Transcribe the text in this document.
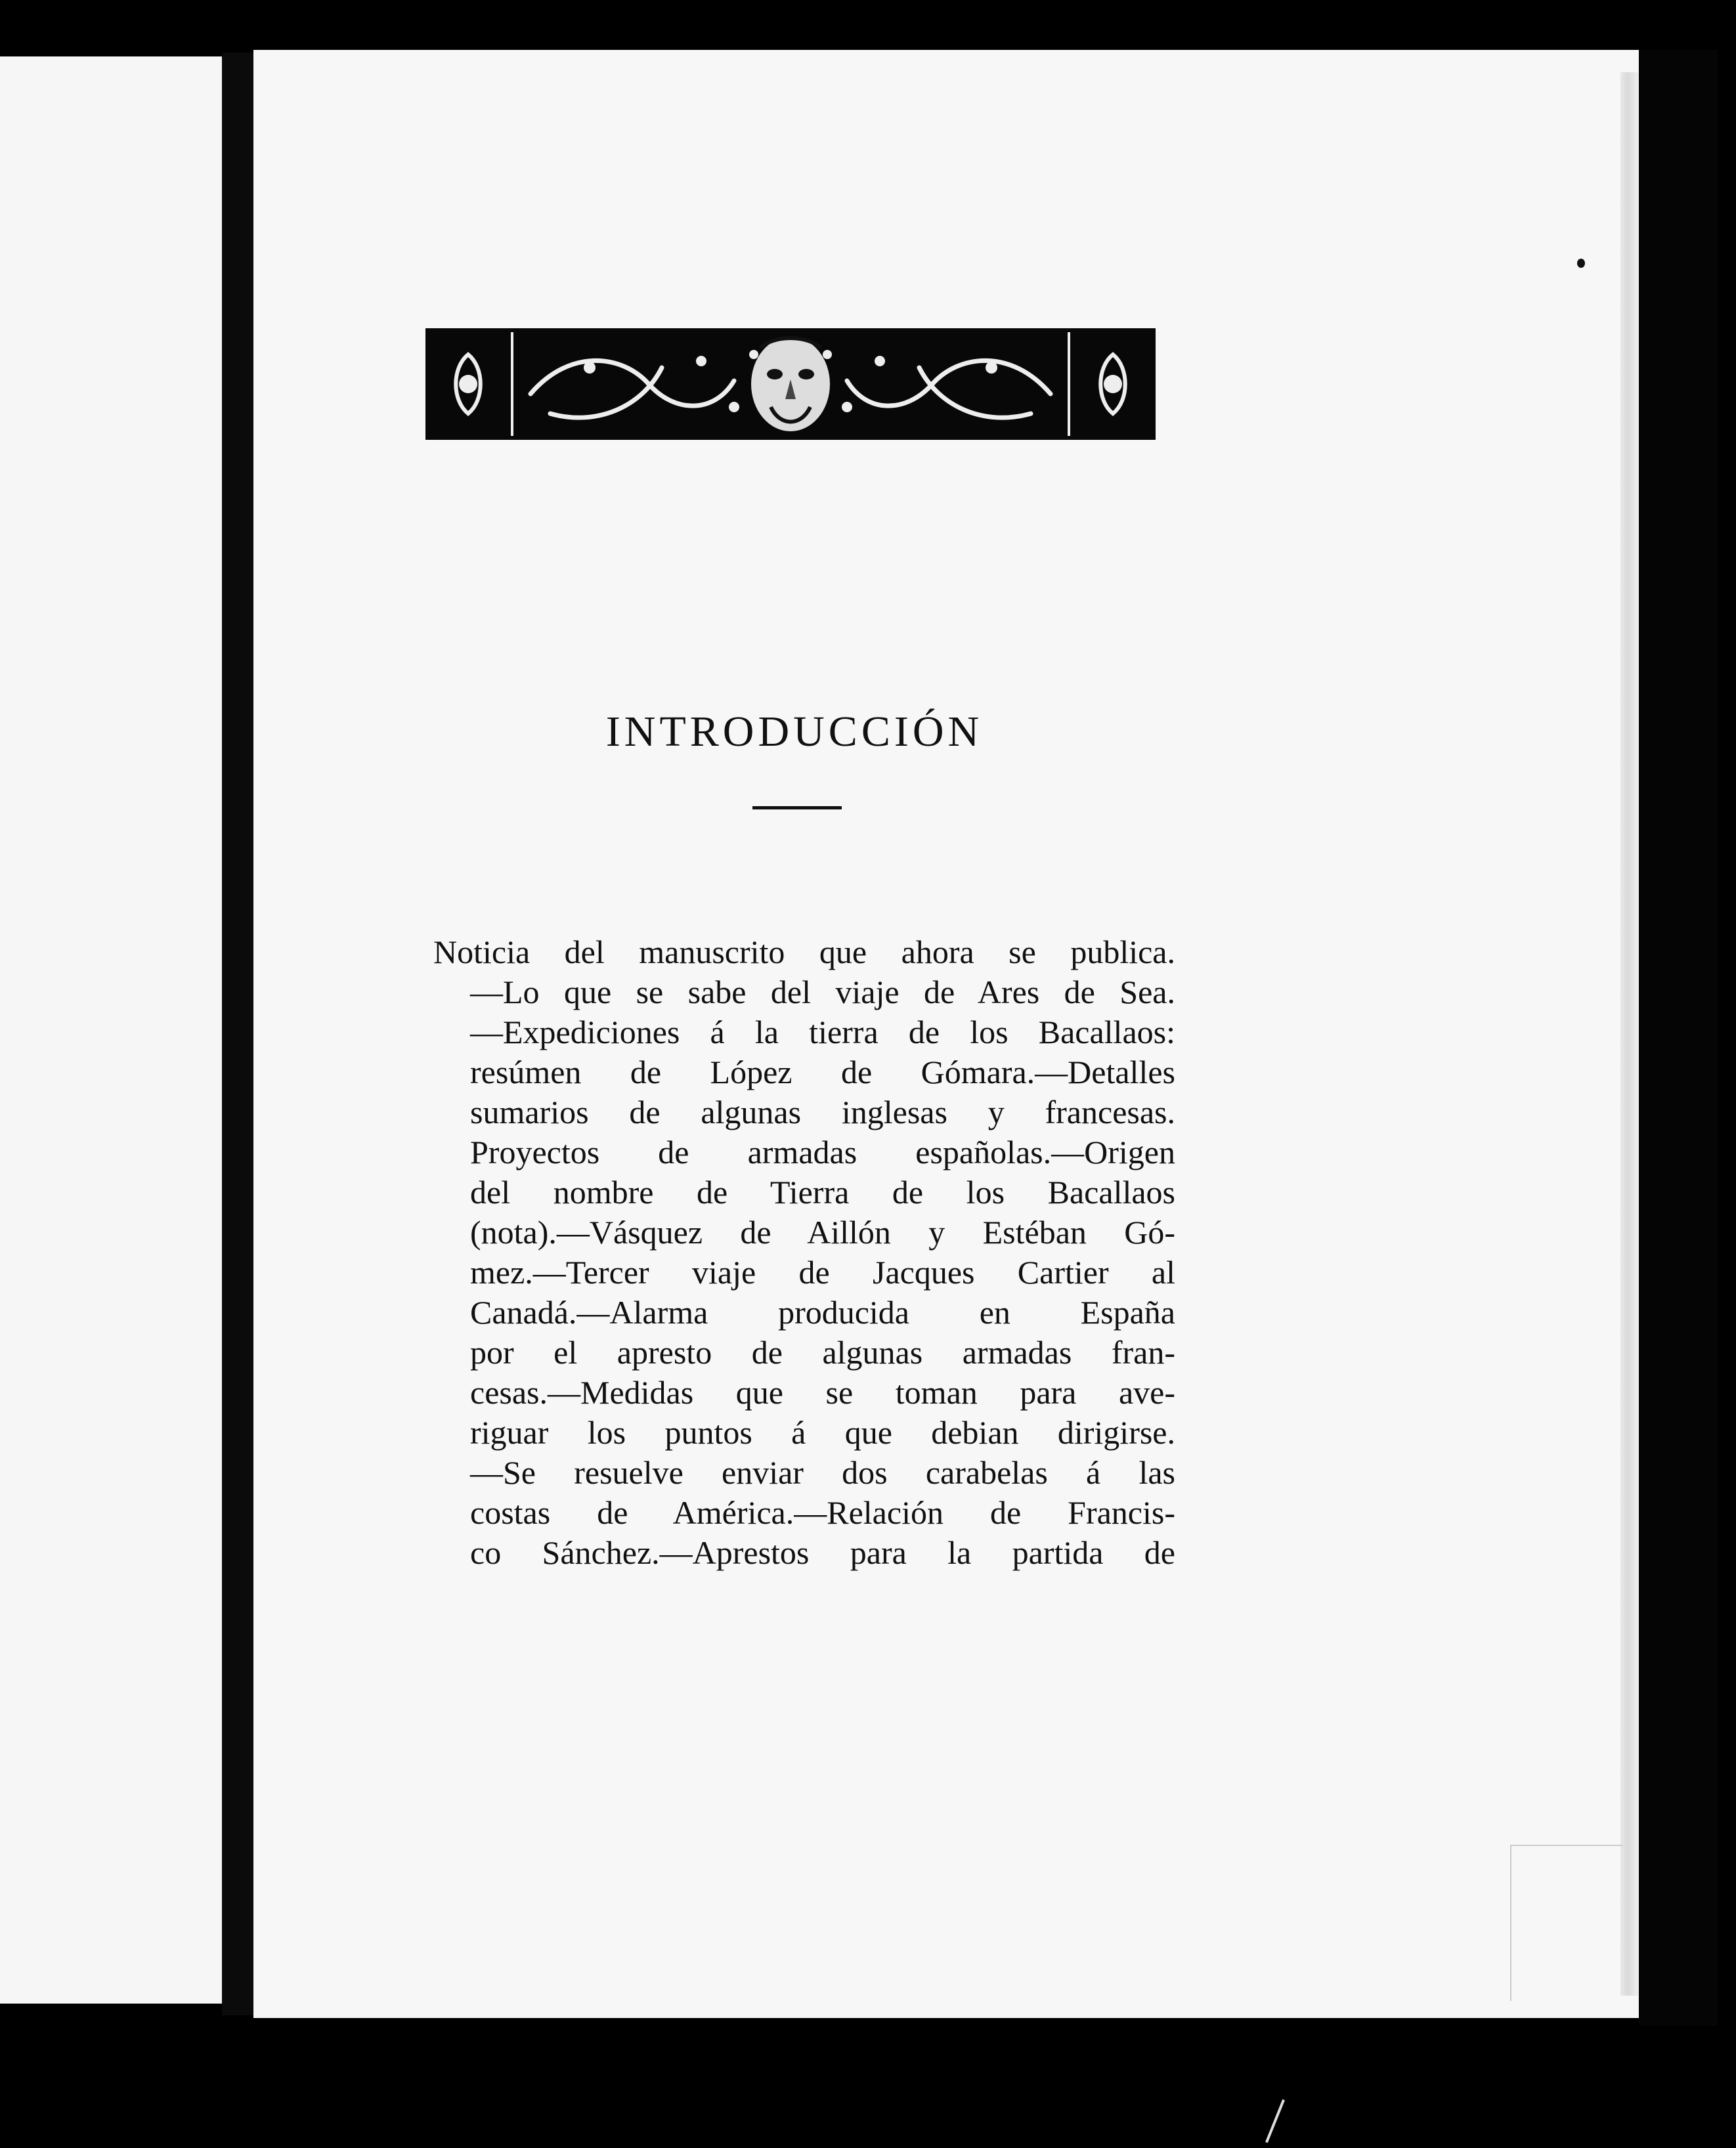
INTRODUCCIÓN
Noticia del manuscrito que ahora se publica.
—Lo que se sabe del viaje de Ares de Sea.
—Expediciones á la tierra de los Bacallaos:
resúmen de López de Gómara.—Detalles
sumarios de algunas inglesas y francesas.
Proyectos de armadas españolas.—Origen
del nombre de Tierra de los Bacallaos
(nota).—Vásquez de Aillón y Estéban Gó-
mez.—Tercer viaje de Jacques Cartier al
Canadá.—Alarma producida en España
por el apresto de algunas armadas fran-
cesas.—Medidas que se toman para ave-
riguar los puntos á que debian dirigirse.
—Se resuelve enviar dos carabelas á las
costas de América.—Relación de Francis-
co Sánchez.—Aprestos para la partida de
